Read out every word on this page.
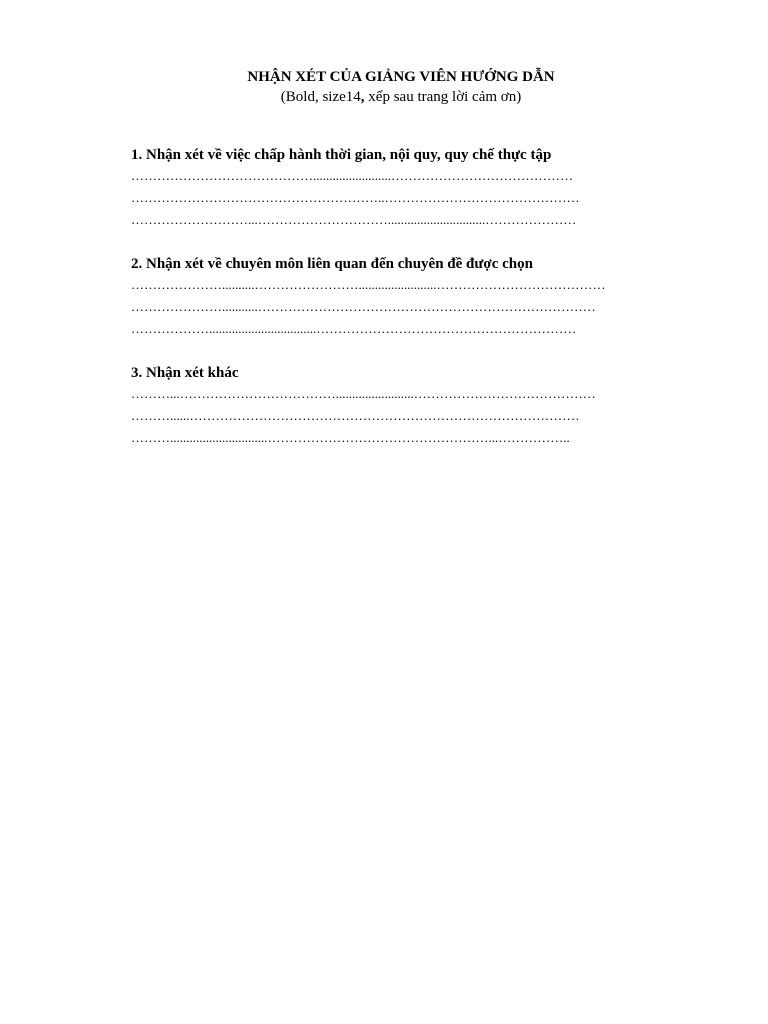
NHẬN XÉT CỦA GIẢNG VIÊN HƯỚNG DẪN
(Bold, size14, xếp sau trang lời cảm ơn)

1. Nhận xét về việc chấp hành thời gian, nội quy, quy chế thực tập

……………………………………........................……………………………………
…………………………………………………..………………………………………
………………………...…………………………..............................…………………

2. Nhận xét về chuyên môn liên quan đến chuyên đề được chọn

…………………..........……………………........................…………………………………
…………………...........……………………………………………………………………
……………….................................……………………………………………………

3. Nhận xét khác

………...………………………………........................……………………………………
………......………………………………………………………………………………
………..............................……………………………………………...……………..
